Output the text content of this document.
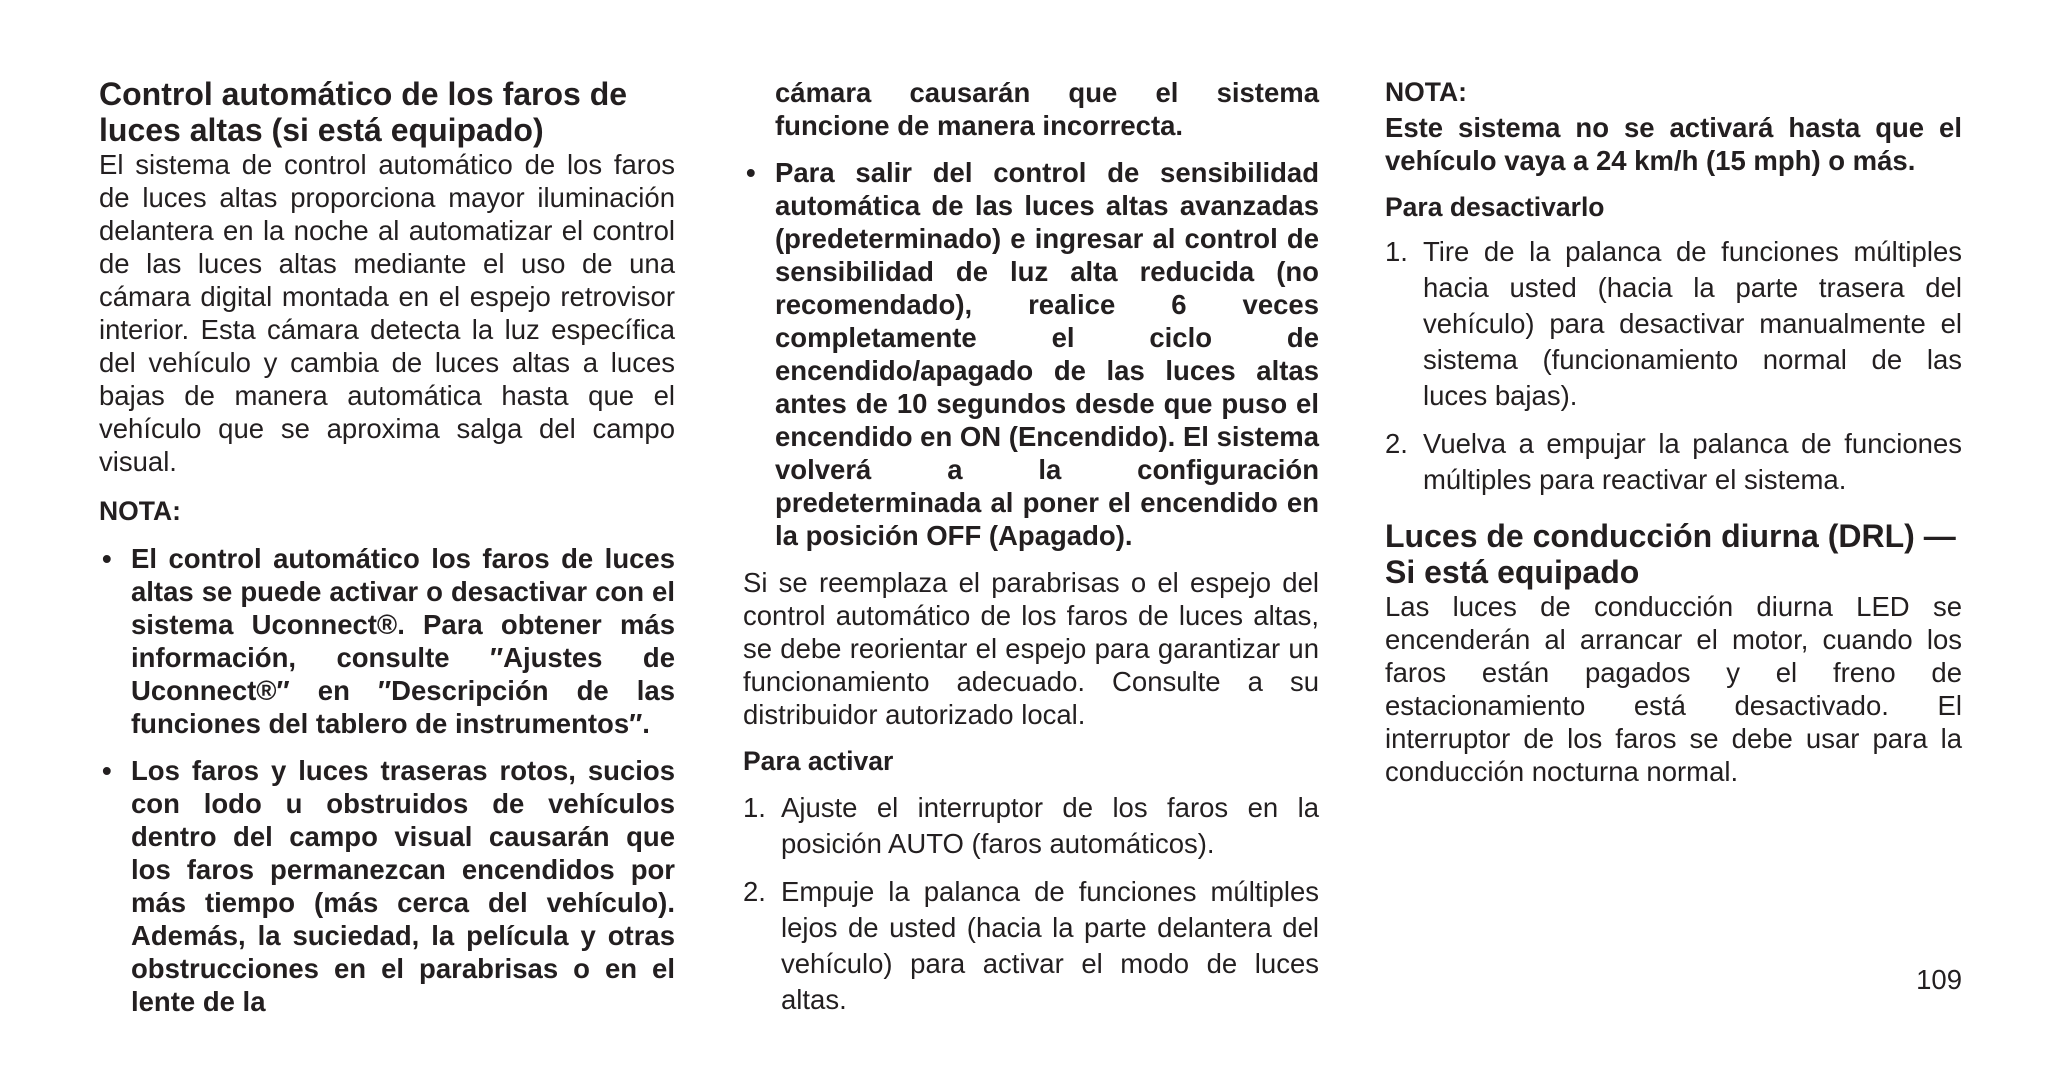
Control automático de los faros de luces altas (si está equipado)

El sistema de control automático de los faros de luces altas proporciona mayor iluminación delantera en la noche al automatizar el control de las luces altas mediante el uso de una cámara digital montada en el espejo retrovisor interior. Esta cámara detecta la luz específica del vehículo y cambia de luces altas a luces bajas de manera automática hasta que el vehículo que se aproxima salga del campo visual.

NOTA:

• El control automático los faros de luces altas se puede activar o desactivar con el sistema Uconnect®. Para obtener más información, consulte ″Ajustes de Uconnect®″ en ″Descripción de las funciones del tablero de instrumentos″.
• Los faros y luces traseras rotos, sucios con lodo u obstruidos de vehículos dentro del campo visual causarán que los faros permanezcan encendidos por más tiempo (más cerca del vehículo). Además, la suciedad, la película y otras obstrucciones en el parabrisas o en el lente de la

cámara causarán que el sistema funcione de manera incorrecta.

• Para salir del control de sensibilidad automática de las luces altas avanzadas (predeterminado) e ingresar al control de sensibilidad de luz alta reducida (no recomendado), realice 6 veces completamente el ciclo de encendido/apagado de las luces altas antes de 10 segundos desde que puso el encendido en ON (Encendido). El sistema volverá a la configuración predeterminada al poner el encendido en la posición OFF (Apagado).

Si se reemplaza el parabrisas o el espejo del control automático de los faros de luces altas, se debe reorientar el espejo para garantizar un funcionamiento adecuado. Consulte a su distribuidor autorizado local.

Para activar

1. Ajuste el interruptor de los faros en la posición AUTO (faros automáticos).
2. Empuje la palanca de funciones múltiples lejos de usted (hacia la parte delantera del vehículo) para activar el modo de luces altas.

NOTA:

Este sistema no se activará hasta que el vehículo vaya a 24 km/h (15 mph) o más.

Para desactivarlo

1. Tire de la palanca de funciones múltiples hacia usted (hacia la parte trasera del vehículo) para desactivar manualmente el sistema (funcionamiento normal de las luces bajas).
2. Vuelva a empujar la palanca de funciones múltiples para reactivar el sistema.
Luces de conducción diurna (DRL) — Si está equipado

Las luces de conducción diurna LED se encenderán al arrancar el motor, cuando los faros están pagados y el freno de estacionamiento está desactivado. El interruptor de los faros se debe usar para la conducción nocturna normal.

109
